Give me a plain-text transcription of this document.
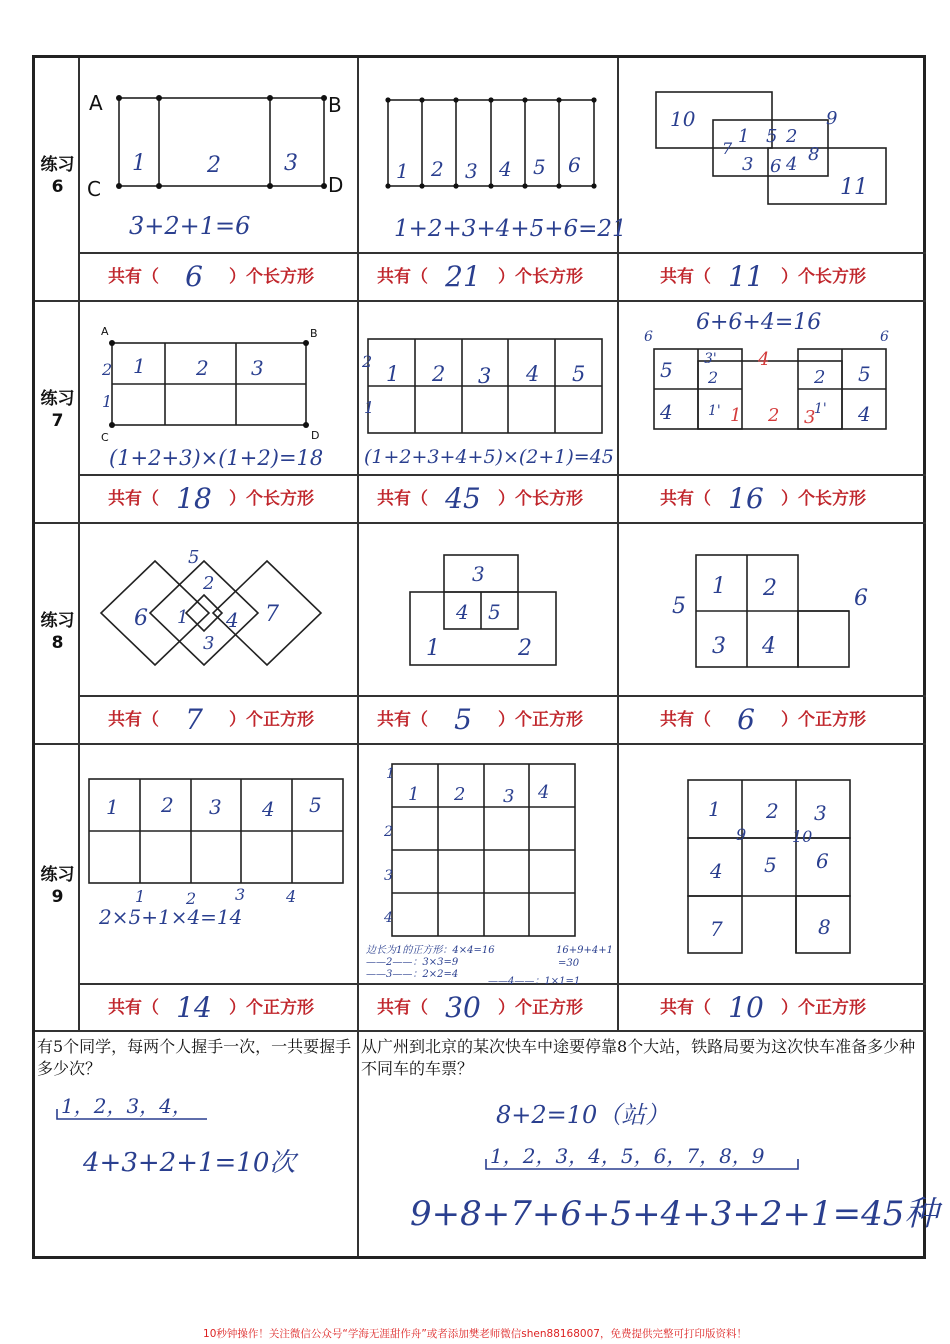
练习
6
练习
7
练习
8
练习
9
共有（ 6 ）个长方形	共有（ 21 ）个长方形	共有（ 11 ）个长方形
共有（ 18 ）个长方形	共有（ 45 ）个长方形	共有（ 16 ）个长方形
共有（ 7 ）个正方形	共有（ 5 ）个正方形	共有（ 6 ）个正方形
共有（ 14 ）个正方形	共有（ 30 ）个正方形	共有（ 10 ）个正方形
A	B
C	D
1	2	3
3+2+1=6
1 2 3 4 5 6
1+2+3+4+5+6=21
10
7
1 5 2
9
8
3 6 4
11
A	B
C	D
2
1
1	2 3
(1+2+3)×(1+2)=18
2
1
1 2 3 4 5
(1+2+3+4+5)×(2+1)=45
6+6+4=16
6	6
5 3'
2
4
1'
4	1 2 3
2 5
1' 4
5
2
6 1 4 7
3
3
4 5
1	2
5
1 2	6
3 4
1 2 3 4 5
1	2 3	4
2×5+1×4=14
1 2 3 4
1
2
3
4
边长为1的正方形：4×4=16
——2——：3×3=9
——3——：2×2=4
——4——：1×1=1
16+9+4+1
=30
1 2 3
4 5 6
7	8
9	10
有5个同学，每两个人握手一次，一共要握手多少次？
从广州到北京的某次快车中途要停靠8个大站，铁路局要为这次快车准备多少种不同车的车票？
1，2，3，4，
4+3+2+1=10次
8+2=10（站）
1，2，3，4，5，6，7，8，9
9+8+7+6+5+4+3+2+1=45种
10秒钟操作！关注微信公众号“学海无涯甜作舟”或者添加樊老师微信shen88168007，免费提供完整可打印版资料！
